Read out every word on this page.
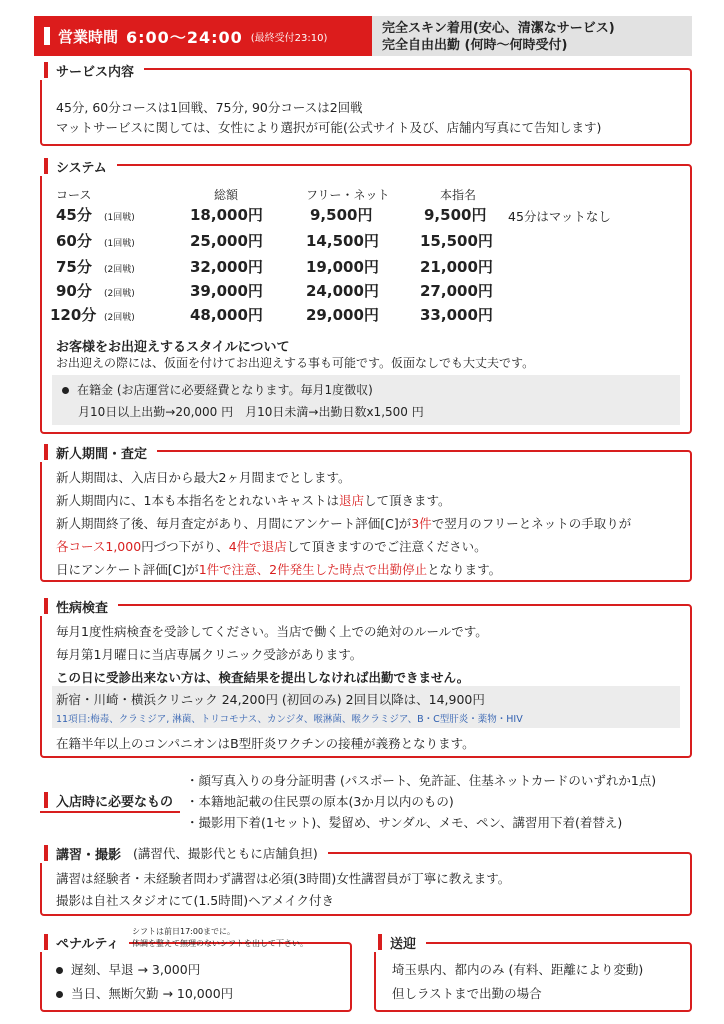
営業時間 6:00〜24:00 (最終受付23:10)
完全スキン着用(安心、清潔なサービス)
完全自由出勤 (何時〜何時受付)
サービス内容
45分, 60分コースは1回戦、75分, 90分コースは2回戦
マットサービスに関しては、女性により選択が可能(公式サイト及び、店舗内写真にて告知します)
システム
コース	総額	フリー・ネット	本指名
45分 (1回戦)	18,000円	9,500円	9,500円 45分はマットなし
60分 (1回戦)	25,000円	14,500円	15,500円
75分 (2回戦)	32,000円	19,000円	21,000円
90分 (2回戦)	39,000円	24,000円	27,000円
120分 (2回戦)	48,000円	29,000円	33,000円
お客様をお出迎えするスタイルについて
お出迎えの際には、仮面を付けてお出迎えする事も可能です。仮面なしでも大丈夫です。
在籍金 (お店運営に必要経費となります。毎月1度徴収)
月10日以上出勤→20,000 円　月10日未満→出勤日数x1,500 円
新人期間・査定
新人期間は、入店日から最大2ヶ月間までとします。
新人期間内に、1本も本指名をとれないキャストは退店して頂きます。
新人期間終了後、毎月査定があり、月間にアンケート評価[C]が3件で翌月のフリーとネットの手取りが
各コース1,000円づつ下がり、4件で退店して頂きますのでご注意ください。
日にアンケート評価[C]が1件で注意、2件発生した時点で出勤停止となります。
性病検査
毎月1度性病検査を受診してください。当店で働く上での絶対のルールです。
毎月第1月曜日に当店専属クリニック受診があります。
この日に受診出来ない方は、検査結果を提出しなければ出勤できません。
新宿・川崎・横浜クリニック 24,200円 (初回のみ) 2回目以降は、14,900円
11項目:梅毒、クラミジア, 淋菌、トリコモナス、カンジタ、喉淋菌、喉クラミジア、B・C型肝炎・薬物・HIV
在籍半年以上のコンパニオンはB型肝炎ワクチンの接種が義務となります。
入店時に必要なもの
・顔写真入りの身分証明書 (パスポート、免許証、住基ネットカードのいずれか1点)
・本籍地記載の住民票の原本(3か月以内のもの)
・撮影用下着(1セット)、髪留め、サンダル、メモ、ペン、講習用下着(着替え)
講習・撮影 (講習代、撮影代ともに店舗負担)
講習は経験者・未経験者問わず講習は必須(3時間)女性講習員が丁寧に教えます。
撮影は自社スタジオにて(1.5時間)ヘアメイク付き
ペナルティ
シフトは前日17:00までに。
体調を整えて無理のないシフトを出して下さい。
遅刻、早退 → 3,000円
当日、無断欠勤 → 10,000円
送迎
埼玉県内、都内のみ (有料、距離により変動)
但しラストまで出勤の場合
